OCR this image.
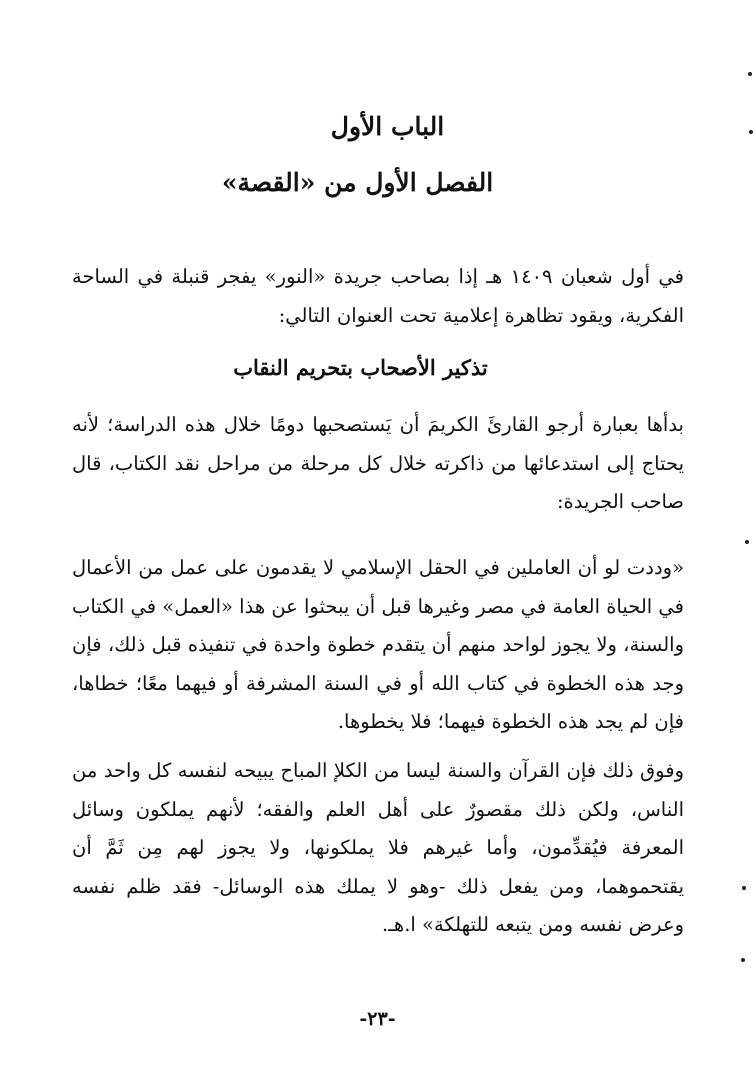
الباب الأول
الفصل الأول من «القصة»

في أول شعبان ١٤٠٩ هـ إذا بصاحب جريدة «النور» يفجر قنبلة في الساحة الفكرية، ويقود تظاهرة إعلامية تحت العنوان التالي:

تذكير الأصحاب بتحريم النقاب

بدأها بعبارة أرجو القارئَ الكريمَ أن يَستصحبها دومًا خلال هذه الدراسة؛ لأنه يحتاج إلى استدعائها من ذاكرته خلال كل مرحلة من مراحل نقد الكتاب، قال صاحب الجريدة:

«وددت لو أن العاملين في الحقل الإسلامي لا يقدمون على عمل من الأعمال في الحياة العامة في مصر وغيرها قبل أن يبحثوا عن هذا «العمل» في الكتاب والسنة، ولا يجوز لواحد منهم أن يتقدم خطوة واحدة في تنفيذه قبل ذلك، فإن وجد هذه الخطوة في كتاب الله أو في السنة المشرفة أو فيهما معًا؛ خطاها، فإن لم يجد هذه الخطوة فيهما؛ فلا يخطوها.

وفوق ذلك فإن القرآن والسنة ليسا من الكلإ المباح يبيحه لنفسه كل واحد من الناس، ولكن ذلك مقصورٌ على أهل العلم والفقه؛ لأنهم يملكون وسائل المعرفة فيُقدِّمون، وأما غيرهم فلا يملكونها، ولا يجوز لهم مِن ثَمَّ أن يقتحموهما، ومن يفعل ذلك -وهو لا يملك هذه الوسائل- فقد ظلم نفسه وعرض نفسه ومن يتبعه للتهلكة» ا.هـ.

-٢٣-
